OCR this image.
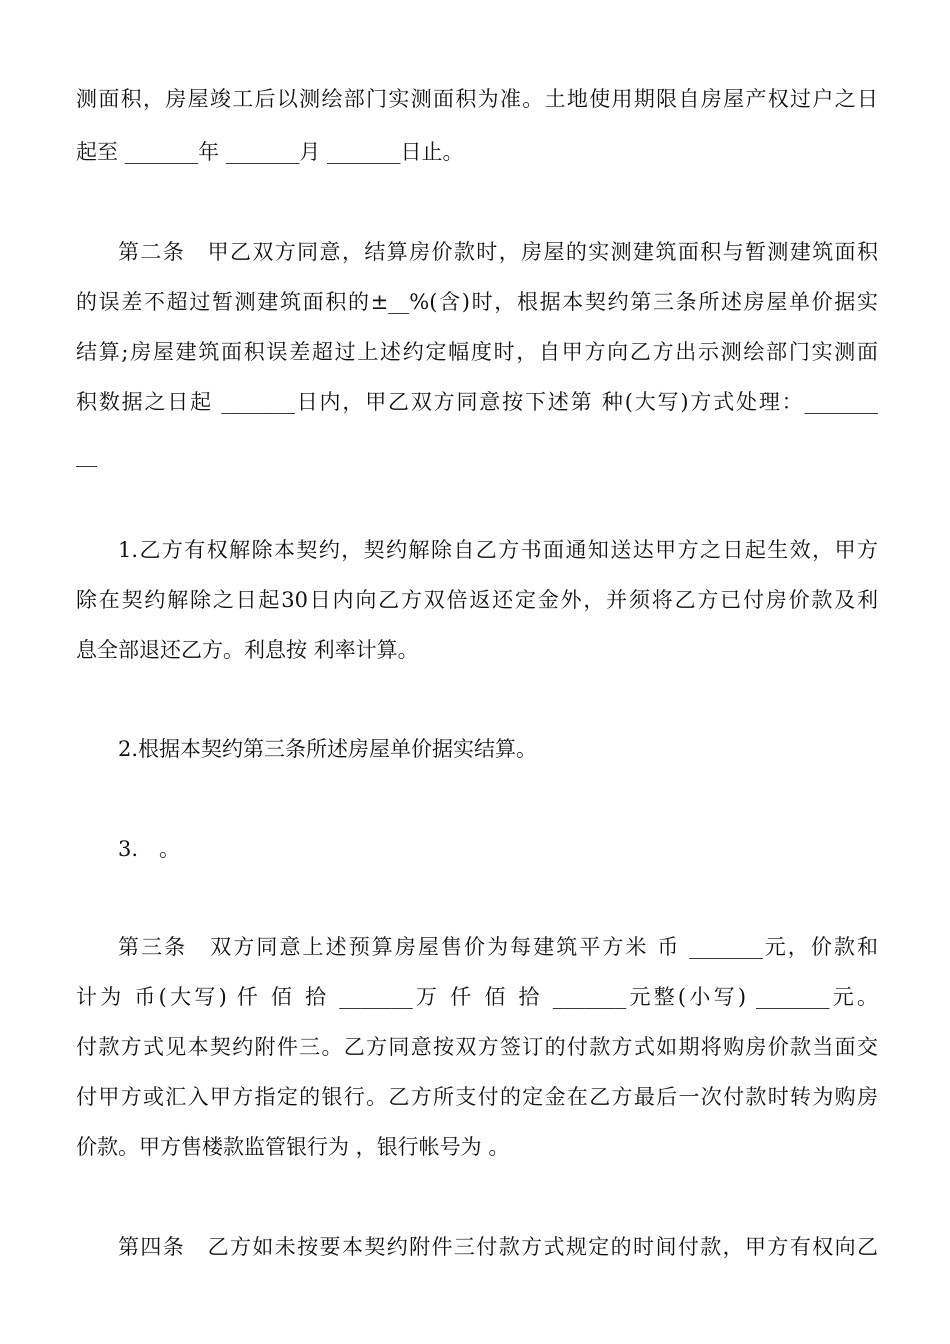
测面积，房屋竣工后以测绘部门实测面积为准。土地使用期限自房屋产权过户之日
起至 _______年 _______月 _______日止。
第二条　甲乙双方同意，结算房价款时，房屋的实测建筑面积与暂测建筑面积
的误差不超过暂测建筑面积的±__%(含)时，根据本契约第三条所述房屋单价据实
结算;房屋建筑面积误差超过上述约定幅度时，自甲方向乙方出示测绘部门实测面
积数据之日起 _______日内，甲乙双方同意按下述第 种(大写)方式处理：_______
__
1.乙方有权解除本契约，契约解除自乙方书面通知送达甲方之日起生效，甲方
除在契约解除之日起30日内向乙方双倍返还定金外，并须将乙方已付房价款及利
息全部退还乙方。利息按 利率计算。
2.根据本契约第三条所述房屋单价据实结算。
3.　。
第三条　双方同意上述预算房屋售价为每建筑平方米 币 _______元，价款和
计为 币(大写) 仟 佰 拾 _______万 仟 佰 拾 _______元整(小写) _______元。
付款方式见本契约附件三。乙方同意按双方签订的付款方式如期将购房价款当面交
付甲方或汇入甲方指定的银行。乙方所支付的定金在乙方最后一次付款时转为购房
价款。甲方售楼款监管银行为 ，银行帐号为 。
第四条　乙方如未按要本契约附件三付款方式规定的时间付款，甲方有权向乙
